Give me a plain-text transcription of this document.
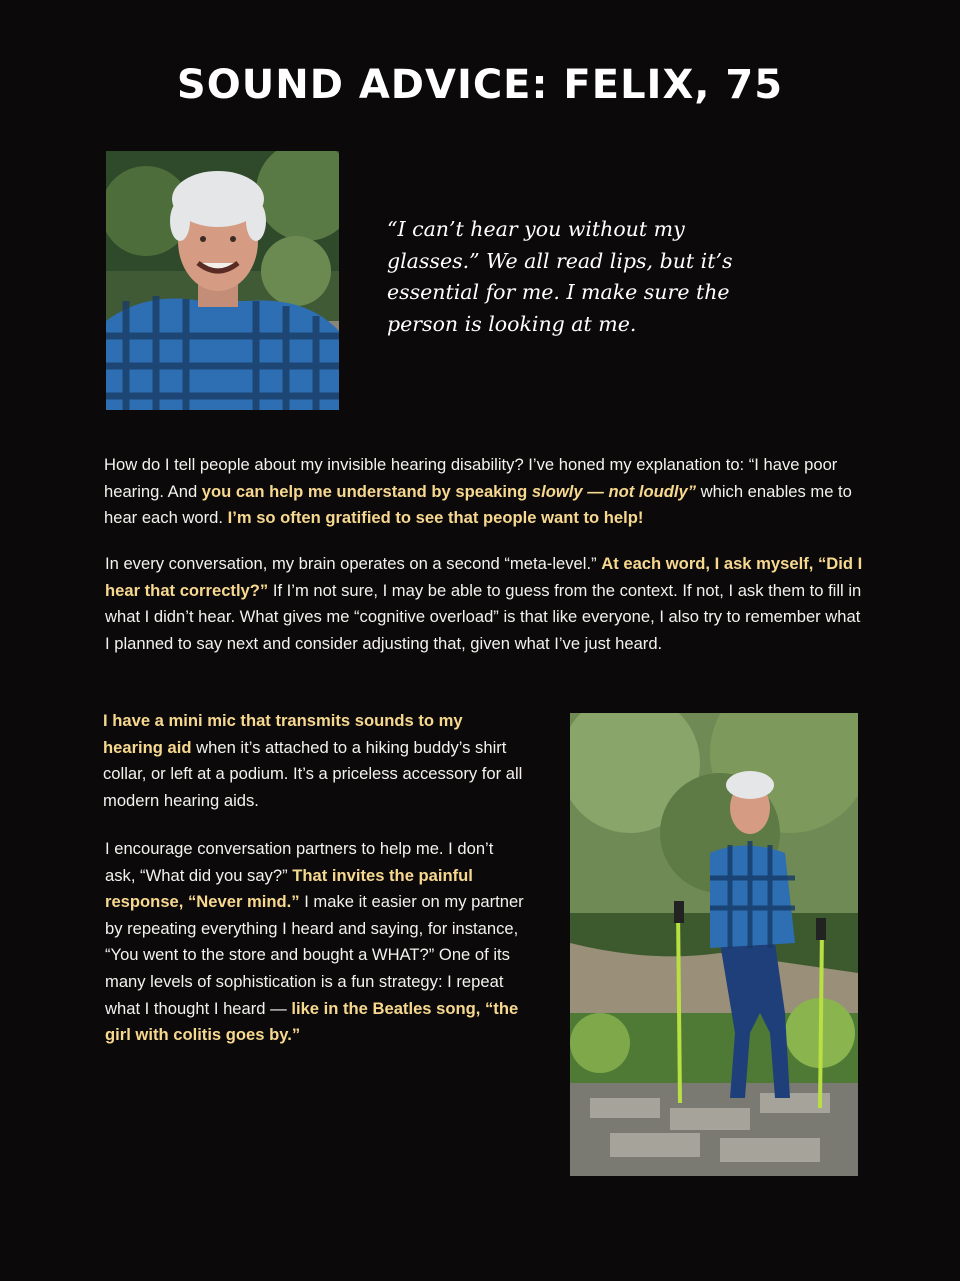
SOUND ADVICE: FELIX, 75
“I can’t hear you without my glasses.” We all read lips, but it’s essential for me. I make sure the person is looking at me.

How do I tell people about my invisible hearing disability? I’ve honed my explanation to: “I have poor hearing. And you can help me understand by speaking slowly — not loudly” which enables me to hear each word. I’m so often gratified to see that people want to help!

In every conversation, my brain operates on a second “meta-level.” At each word, I ask myself, “Did I hear that correctly?” If I’m not sure, I may be able to guess from the context. If not, I ask them to fill in what I didn’t hear. What gives me “cognitive overload” is that like everyone, I also try to remember what I planned to say next and consider adjusting that, given what I’ve just heard.

I have a mini mic that transmits sounds to my hearing aid when it’s attached to a hiking buddy’s shirt collar, or left at a podium. It’s a priceless accessory for all modern hearing aids.

I encourage conversation partners to help me. I don’t ask, “What did you say?” That invites the painful response, “Never mind.” I make it easier on my partner by repeating everything I heard and saying, for instance, “You went to the store and bought a WHAT?” One of its many levels of sophistication is a fun strategy: I repeat what I thought I heard — like in the Beatles song, “the girl with colitis goes by.”
